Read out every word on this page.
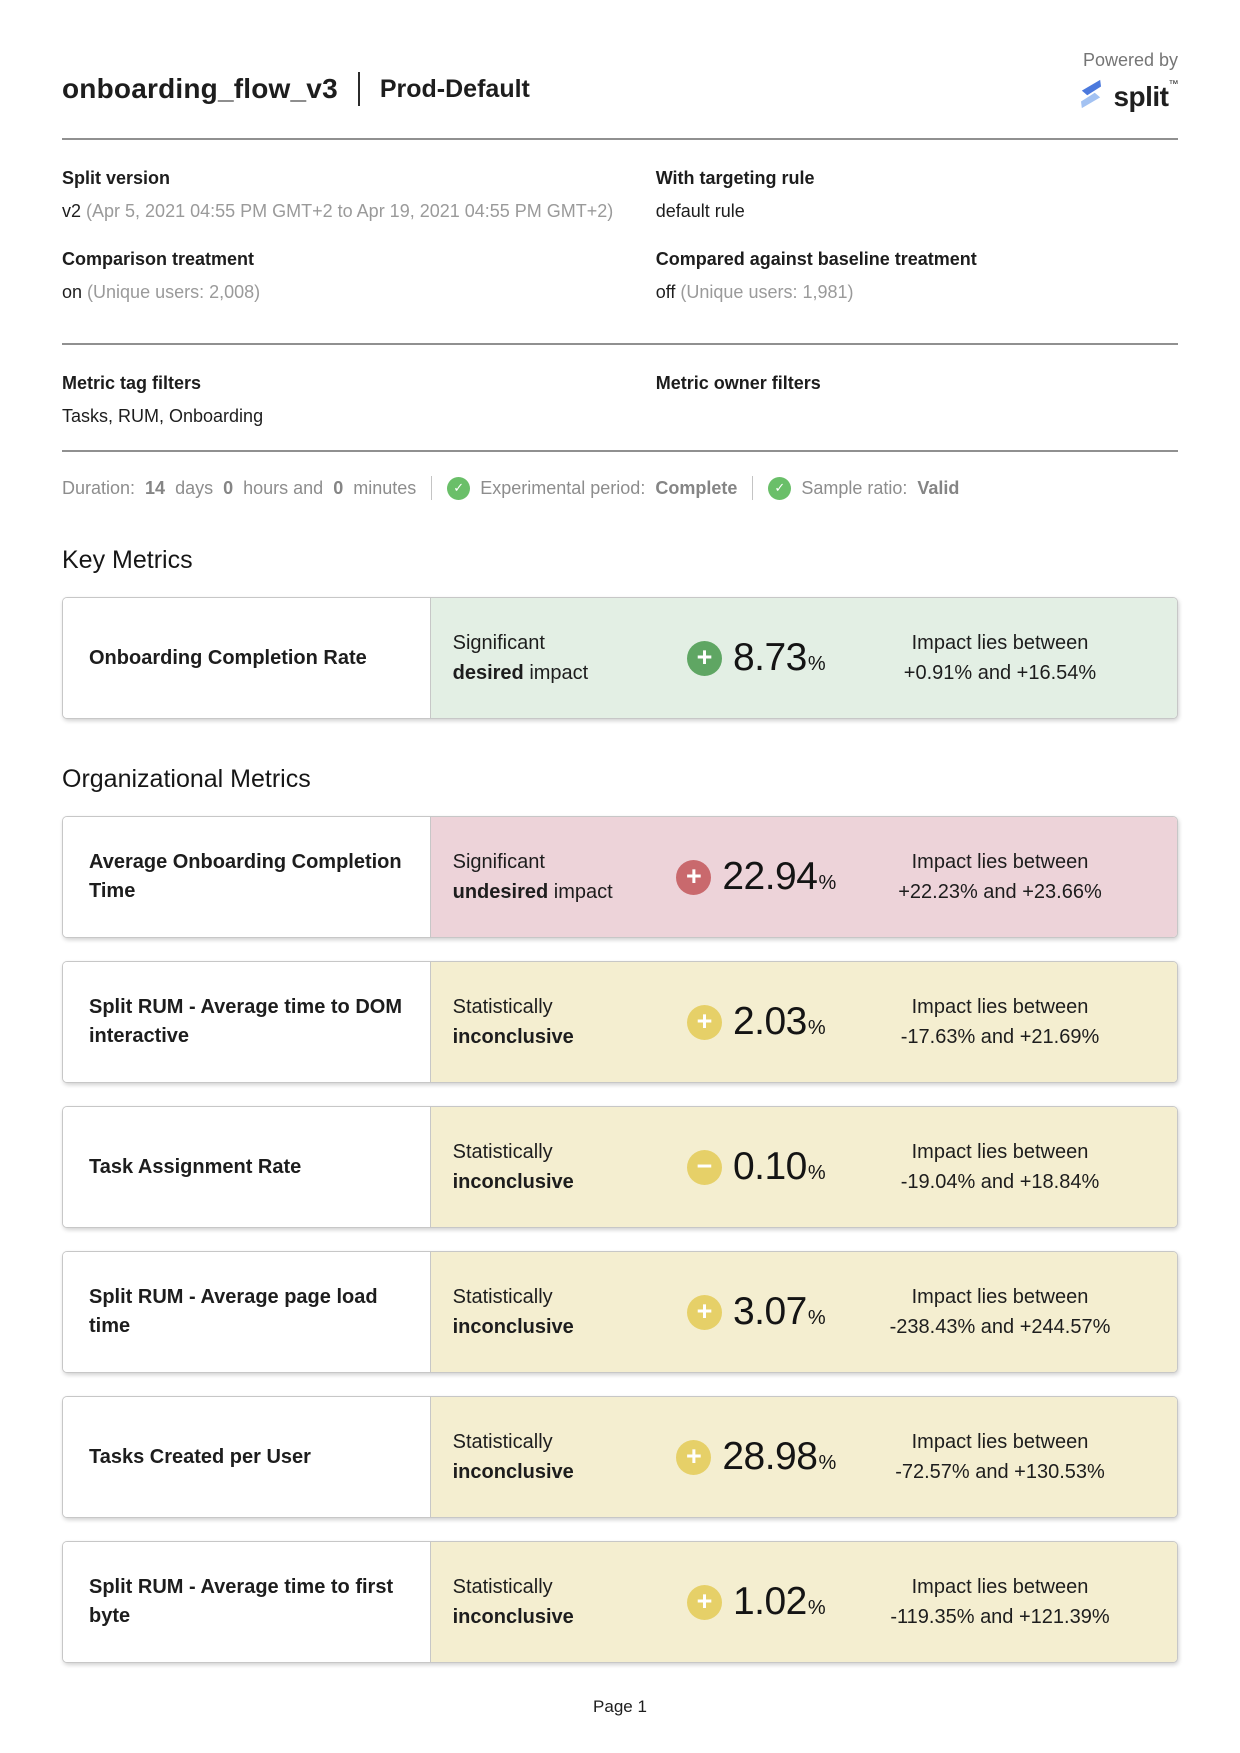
onboarding_flow_v3 Prod-Default
Powered by
split™
Split version
v2 (Apr 5, 2021 04:55 PM GMT+2 to Apr 19, 2021 04:55 PM GMT+2)
With targeting rule
default rule
Comparison treatment
on (Unique users: 2,008)
Compared against baseline treatment
off (Unique users: 1,981)
Metric tag filters
Tasks, RUM, Onboarding
Metric owner filters
Duration: 14 days 0 hours and 0 minutes	✓ Experimental period: Complete	✓ Sample ratio: Valid
Key Metrics
Onboarding Completion Rate
Significant
desired impact
+ 8.73 %
Impact lies between
+0.91% and +16.54%
Organizational Metrics
Average Onboarding Completion Time
Significant
undesired impact
+ 22.94 %
Impact lies between
+22.23% and +23.66%
Split RUM - Average time to DOM interactive
Statistically
inconclusive
+ 2.03 %
Impact lies between
-17.63% and +21.69%
Task Assignment Rate
Statistically
inconclusive
− 0.10 %
Impact lies between
-19.04% and +18.84%
Split RUM - Average page load time
Statistically
inconclusive
+ 3.07 %
Impact lies between
-238.43% and +244.57%
Tasks Created per User
Statistically
inconclusive
+ 28.98 %
Impact lies between
-72.57% and +130.53%
Split RUM - Average time to first byte
Statistically
inconclusive
+ 1.02 %
Impact lies between
-119.35% and +121.39%
Page 1
